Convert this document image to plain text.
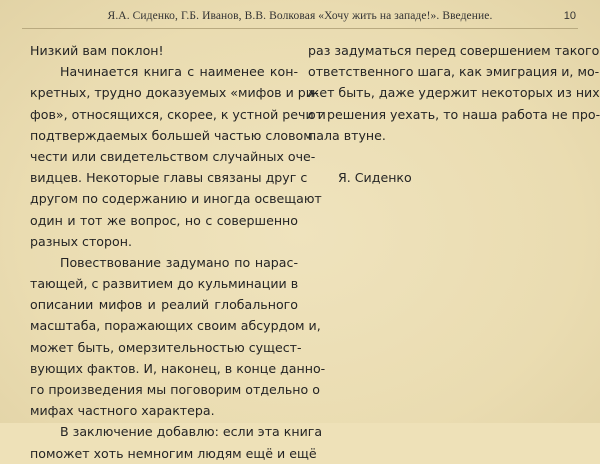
Я.А. Сиденко, Г.Б. Иванов, В.В. Волковая «Хочу жить на западе!». Введение.	10
Низкий вам поклон!
Начинается книга с наименее кон-
кретных, трудно доказуемых «мифов и ри-
фов», относящихся, скорее, к устной речи и
подтверждаемых большей частью словом
чести или свидетельством случайных оче-
видцев. Некоторые главы связаны друг с
другом по содержанию и иногда освещают
один и тот же вопрос, но с совершенно
разных сторон.
Повествование задумано по нарас-
тающей, с развитием до кульминации в
описании мифов и реалий глобального
масштаба, поражающих своим абсурдом и,
может быть, омерзительностью сущест-
вующих фактов. И, наконец, в конце данно-
го произведения мы поговорим отдельно о
мифах частного характера.
В заключение добавлю: если эта книга
поможет хоть немногим людям ещё и ещё
раз задуматься перед совершением такого
ответственного шага, как эмиграция и, мо-
жет быть, даже удержит некоторых из них
от решения уехать, то наша работа не про-
пала втуне.
Я. Сиденко
